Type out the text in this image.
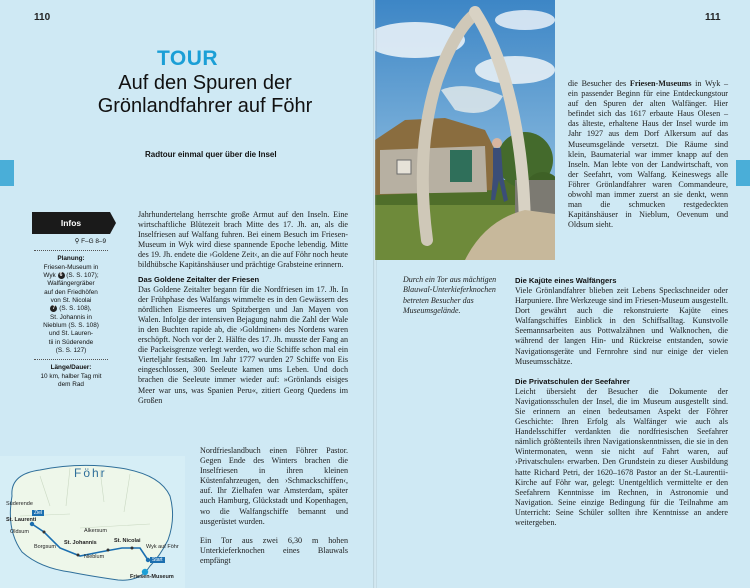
110
TOUR
Auf den Spuren der
Grönlandfahrer auf Föhr
Radtour einmal quer über die Insel
Infos
⚲ F–G 8–9
Planung:
Friesen-Museum in
Wyk 6 (S. S. 107);
Walfängergräber
auf den Friedhöfen
von St. Nicolai
7 (S. S. 108),
St. Johannis in
Nieblum (S. S. 108)
und St. Lauren-
tii in Süderende
(S. S. 127)
Länge/Dauer:
10 km, halber Tag mit
dem Rad

Jahrhundertelang herrschte große Armut auf den Inseln. Eine wirtschaftliche Blütezeit brach Mitte des 17. Jh. an, als die Inselfriesen auf Walfang fuhren. Bei einem Besuch im Friesen-Museum in Wyk wird diese spannende Epoche lebendig. Mitte des 19. Jh. endete die ›Goldene Zeit‹, an die auf Föhr noch heute bildhübsche Kapitänshäuser und prächtige Grabsteine erinnern.

Das Goldene Zeitalter der Friesen

Das Goldene Zeitalter begann für die Nordfriesen im 17. Jh. In der Frühphase des Walfangs wimmelte es in den Gewässern des nördlichen Eismeeres um Spitzbergen und Jan Mayen von Walen. Infolge der intensiven Bejagung nahm die Zahl der Wale in den Buchten rapide ab, die ›Goldminen‹ des Nordens waren erschöpft. Noch vor der 2. Hälfte des 17. Jh. musste der Fang an die Packeisgrenze verlegt werden, wo die Schiffe schon mal ein Vierteljahr festsaßen. Im Jahr 1777 wurden 27 Schiffe von Eis eingeschlossen, 300 Seeleute kamen ums Leben. Und doch brachen die Seeleute immer wieder auf: »Grönlands eisiges Meer war uns, was Spanien Peru«, zitiert Georg Quedens im Großen

Nordfrieslandbuch einen Föhrer Pastor. Gegen Ende des Winters brachen die Inselfriesen in ihren kleinen Küstenfahrzeugen, den ›Schmackschiffen‹, auf. Ihr Zielhafen war Amsterdam, später auch Hamburg, Glückstadt und Kopenhagen, wo die Walfangschiffe bemannt und ausgerüstet wurden.

Ein Tor aus zwei 6,30 m hohen Unterkieferknochen eines Blauwals empfängt

Föhr
Süderende
St. Laurenti
Oldsum	Alkersum
Borgsum
St. Johannis	St. Nicolai
Nieblum
Wyk auf Föhr
Friesen-Museum
Ziel
Start
111
Durch ein Tor aus mächtigen Blauwal-Unterkieferknochen betreten Besucher das Museumsgelände.

die Besucher des Friesen-Museums in Wyk – ein passender Beginn für eine Entdeckungstour auf den Spuren der alten Walfänger. Hier befindet sich das 1617 erbaute Haus Olesen – das älteste, erhaltene Haus der Insel wurde im Jahr 1927 aus dem Dorf Alkersum auf das Museumsgelände versetzt. Die Räume sind klein, Baumaterial war immer knapp auf den Inseln. Man lebte von der Landwirtschaft, von der Seefahrt, vom Walfang. Keineswegs alle Föhrer Grönlandfahrer waren Commandeure, obwohl man immer zuerst an sie denkt, wenn man die schmucken restgedeckten Kapitänshäuser in Nieblum, Oevenum und Oldsum sieht.

Die Kajüte eines Walfängers

Viele Grönlandfahrer blieben zeit Lebens Speckschneider oder Harpuniere. Ihre Werkzeuge sind im Friesen-Museum ausgestellt. Dort gewährt auch die rekonstruierte Kajüte eines Walfangschiffes Einblick in den Schiffsalltag. Kunstvolle Seemannsarbeiten aus Pottwalzähnen und Walknochen, die während der langen Hin- und Rückreise entstanden, sowie Navigationsgeräte und Fernrohre sind nur einige der vielen Museumsschätze.

Die Privatschulen der Seefahrer

Leicht übersieht der Besucher die Dokumente der Navigationsschulen der Insel, die im Museum ausgestellt sind. Sie erinnern an einen bedeutsamen Aspekt der Föhrer Geschichte: Ihren Erfolg als Walfänger wie auch als Handelsschiffer verdankten die nordfriesischen Seefahrer nämlich größtenteils ihren Navigationskenntnissen, die sie in den Wintermonaten, wenn sie nicht auf Fahrt waren, auf ›Privatschulen‹ erwarben. Den Grundstein zu dieser Ausbildung hatte Richard Petri, der 1620–1678 Pastor an der St.-Laurentii-Kirche auf Föhr war, gelegt: Unentgeltlich vermittelte er den Seefahrern Kenntnisse im Rechnen, in Astronomie und Navigation. Seine einzige Bedingung für die Teilnahme am Unterricht: Seine Schüler sollten ihre Kenntnisse an andere weitergeben.
